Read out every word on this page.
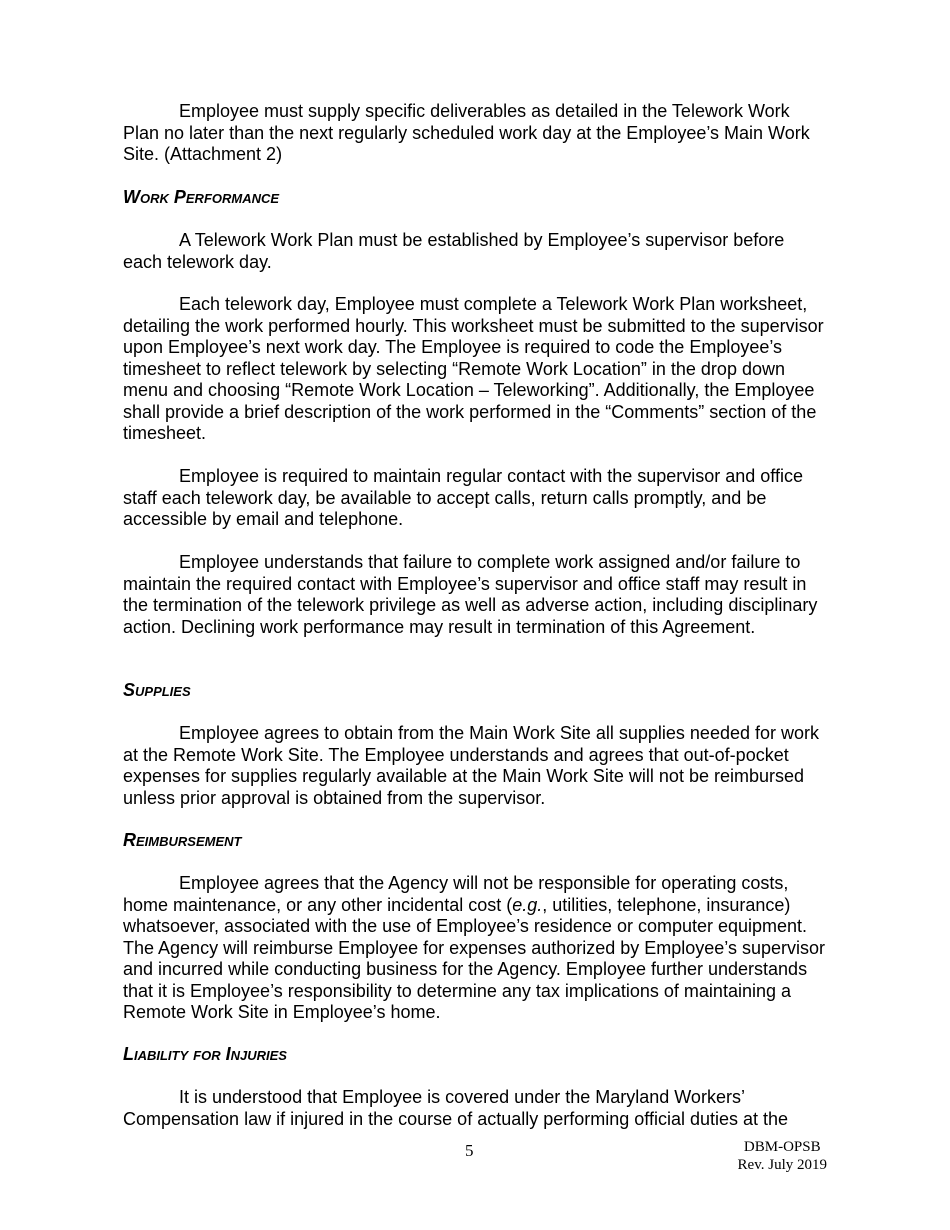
Employee must supply specific deliverables as detailed in the Telework Work Plan no later than the next regularly scheduled work day at the Employee’s Main Work Site. (Attachment 2)

Work Performance

A Telework Work Plan must be established by Employee’s supervisor before each telework day.

Each telework day, Employee must complete a Telework Work Plan worksheet, detailing the work performed hourly. This worksheet must be submitted to the supervisor upon Employee’s next work day. The Employee is required to code the Employee’s timesheet to reflect telework by selecting “Remote Work Location” in the drop down menu and choosing “Remote Work Location – Teleworking”. Additionally, the Employee shall provide a brief description of the work performed in the “Comments” section of the timesheet.

Employee is required to maintain regular contact with the supervisor and office staff each telework day, be available to accept calls, return calls promptly, and be accessible by email and telephone.

Employee understands that failure to complete work assigned and/or failure to maintain the required contact with Employee’s supervisor and office staff may result in the termination of the telework privilege as well as adverse action, including disciplinary action. Declining work performance may result in termination of this Agreement.

Supplies

Employee agrees to obtain from the Main Work Site all supplies needed for work at the Remote Work Site. The Employee understands and agrees that out-of-pocket expenses for supplies regularly available at the Main Work Site will not be reimbursed unless prior approval is obtained from the supervisor.

Reimbursement

Employee agrees that the Agency will not be responsible for operating costs, home maintenance, or any other incidental cost (e.g., utilities, telephone, insurance) whatsoever, associated with the use of Employee’s residence or computer equipment. The Agency will reimburse Employee for expenses authorized by Employee’s supervisor and incurred while conducting business for the Agency. Employee further understands that it is Employee’s responsibility to determine any tax implications of maintaining a Remote Work Site in Employee’s home.

Liability for Injuries

It is understood that Employee is covered under the Maryland Workers’ Compensation law if injured in the course of actually performing official duties at the

5	DBM-OPSB
Rev. July 2019
